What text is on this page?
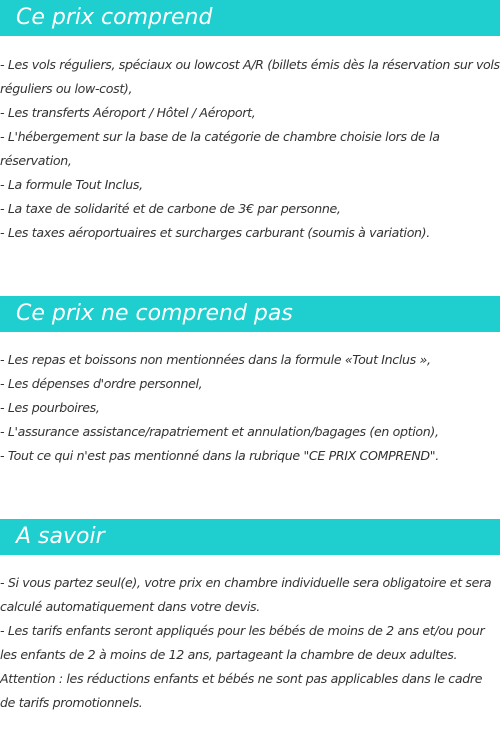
Ce prix comprend

- Les vols réguliers, spéciaux ou lowcost A/R (billets émis dès la réservation sur vols réguliers ou low-cost),

- Les transferts Aéroport / Hôtel / Aéroport,

- L'hébergement sur la base de la catégorie de chambre choisie lors de la réservation,

- La formule Tout Inclus,

- La taxe de solidarité et de carbone de 3€ par personne,

- Les taxes aéroportuaires et surcharges carburant (soumis à variation).

Ce prix ne comprend pas

- Les repas et boissons non mentionnées dans la formule «Tout Inclus »,

- Les dépenses d'ordre personnel,

- Les pourboires,

- L'assurance assistance/rapatriement et annulation/bagages (en option),

- Tout ce qui n'est pas mentionné dans la rubrique "CE PRIX COMPREND".

A savoir

- Si vous partez seul(e), votre prix en chambre individuelle sera obligatoire et sera calculé automatiquement dans votre devis.

- Les tarifs enfants seront appliqués pour les bébés de moins de 2 ans et/ou pour les enfants de 2 à moins de 12 ans, partageant la chambre de deux adultes.

Attention : les réductions enfants et bébés ne sont pas applicables dans le cadre de tarifs promotionnels.
